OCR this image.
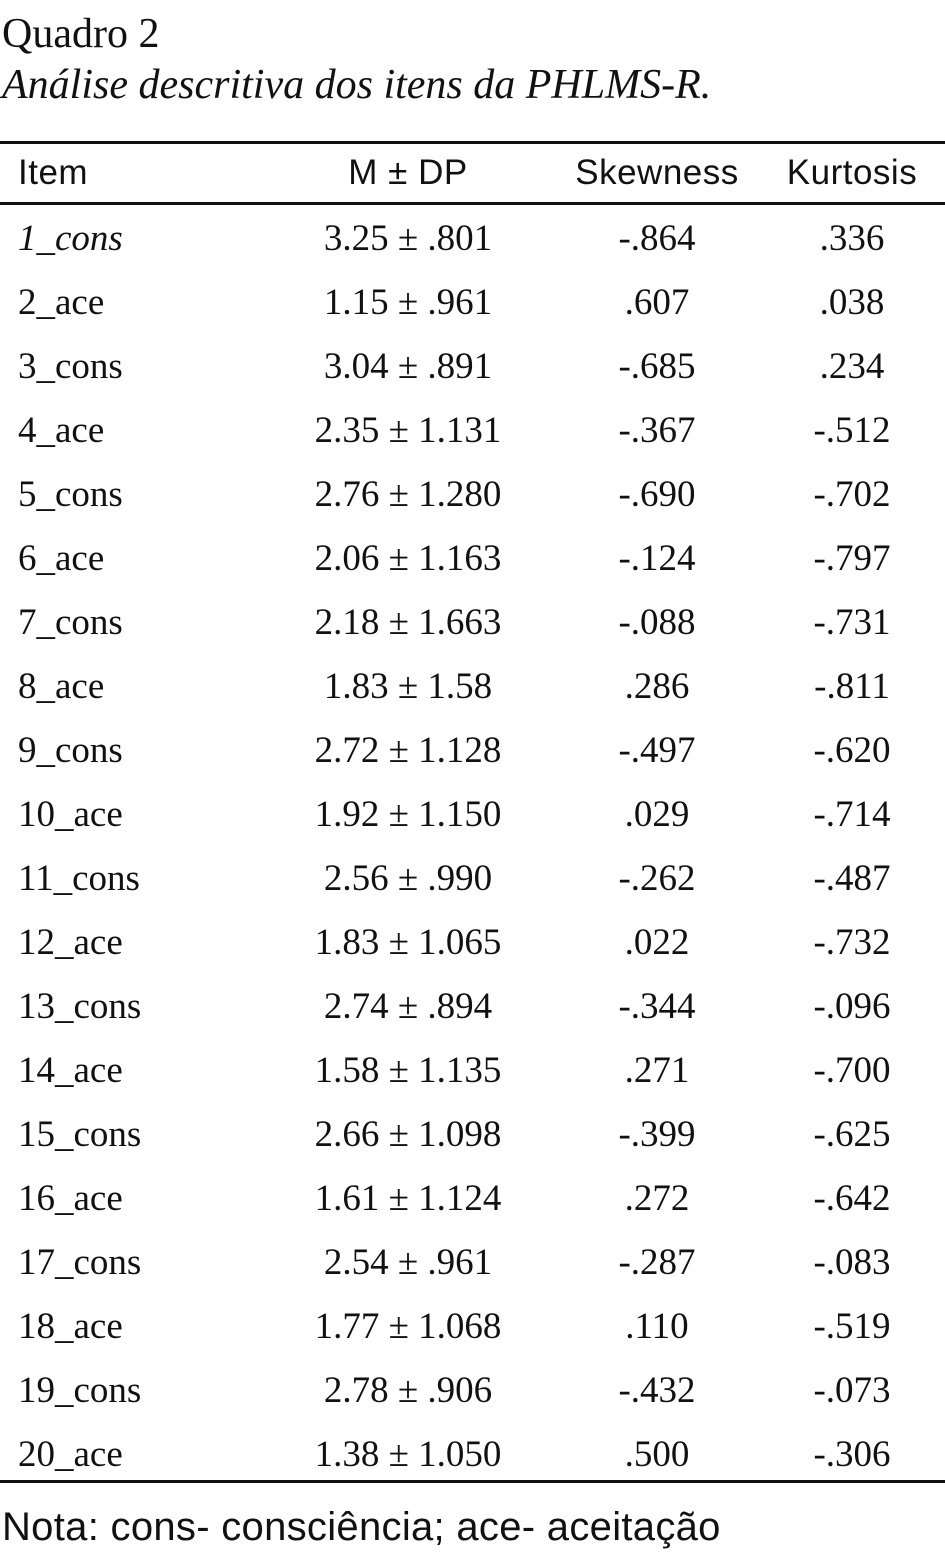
Quadro 2
Análise descritiva dos itens da PHLMS-R.
Item	M ± DP	Skewness	Kurtosis
1_cons	3.25 ± .801	-.864	.336
2_ace	1.15 ± .961	.607	.038
3_cons	3.04 ± .891	-.685	.234
4_ace	2.35 ± 1.131	-.367	-.512
5_cons	2.76 ± 1.280	-.690	-.702
6_ace	2.06 ± 1.163	-.124	-.797
7_cons	2.18 ± 1.663	-.088	-.731
8_ace	1.83 ± 1.58	.286	-.811
9_cons	2.72 ± 1.128	-.497	-.620
10_ace	1.92 ± 1.150	.029	-.714
11_cons	2.56 ± .990	-.262	-.487
12_ace	1.83 ± 1.065	.022	-.732
13_cons	2.74 ± .894	-.344	-.096
14_ace	1.58 ± 1.135	.271	-.700
15_cons	2.66 ± 1.098	-.399	-.625
16_ace	1.61 ± 1.124	.272	-.642
17_cons	2.54 ± .961	-.287	-.083
18_ace	1.77 ± 1.068	.110	-.519
19_cons	2.78 ± .906	-.432	-.073
20_ace	1.38 ± 1.050	.500	-.306
Nota: cons- consciência; ace- aceitação
